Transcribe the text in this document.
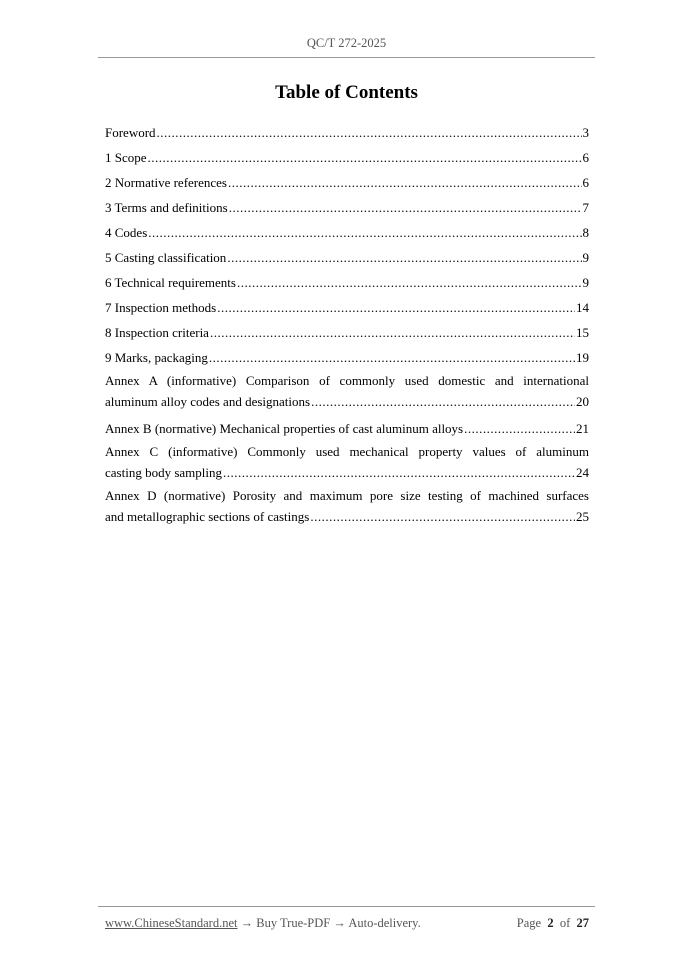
QC/T 272-2025
Table of Contents
Foreword .....	3
1 Scope .....	6
2 Normative references .....	6
3 Terms and definitions .....	7
4 Codes .....	8
5 Casting classification .....	9
6 Technical requirements .....	9
7 Inspection methods .....	14
8 Inspection criteria .....	15
9 Marks, packaging .....	19
Annex A (informative) Comparison of commonly used domestic and international
aluminum alloy codes and designations .....	20
Annex B (normative) Mechanical properties of cast aluminum alloys .....	21
Annex C (informative) Commonly used mechanical property values of aluminum
casting body sampling .....	24
Annex D (normative) Porosity and maximum pore size testing of machined surfaces
and metallographic sections of castings .....	25
www.ChineseStandard.net → Buy True-PDF → Auto-delivery.	Page 2 of 27
